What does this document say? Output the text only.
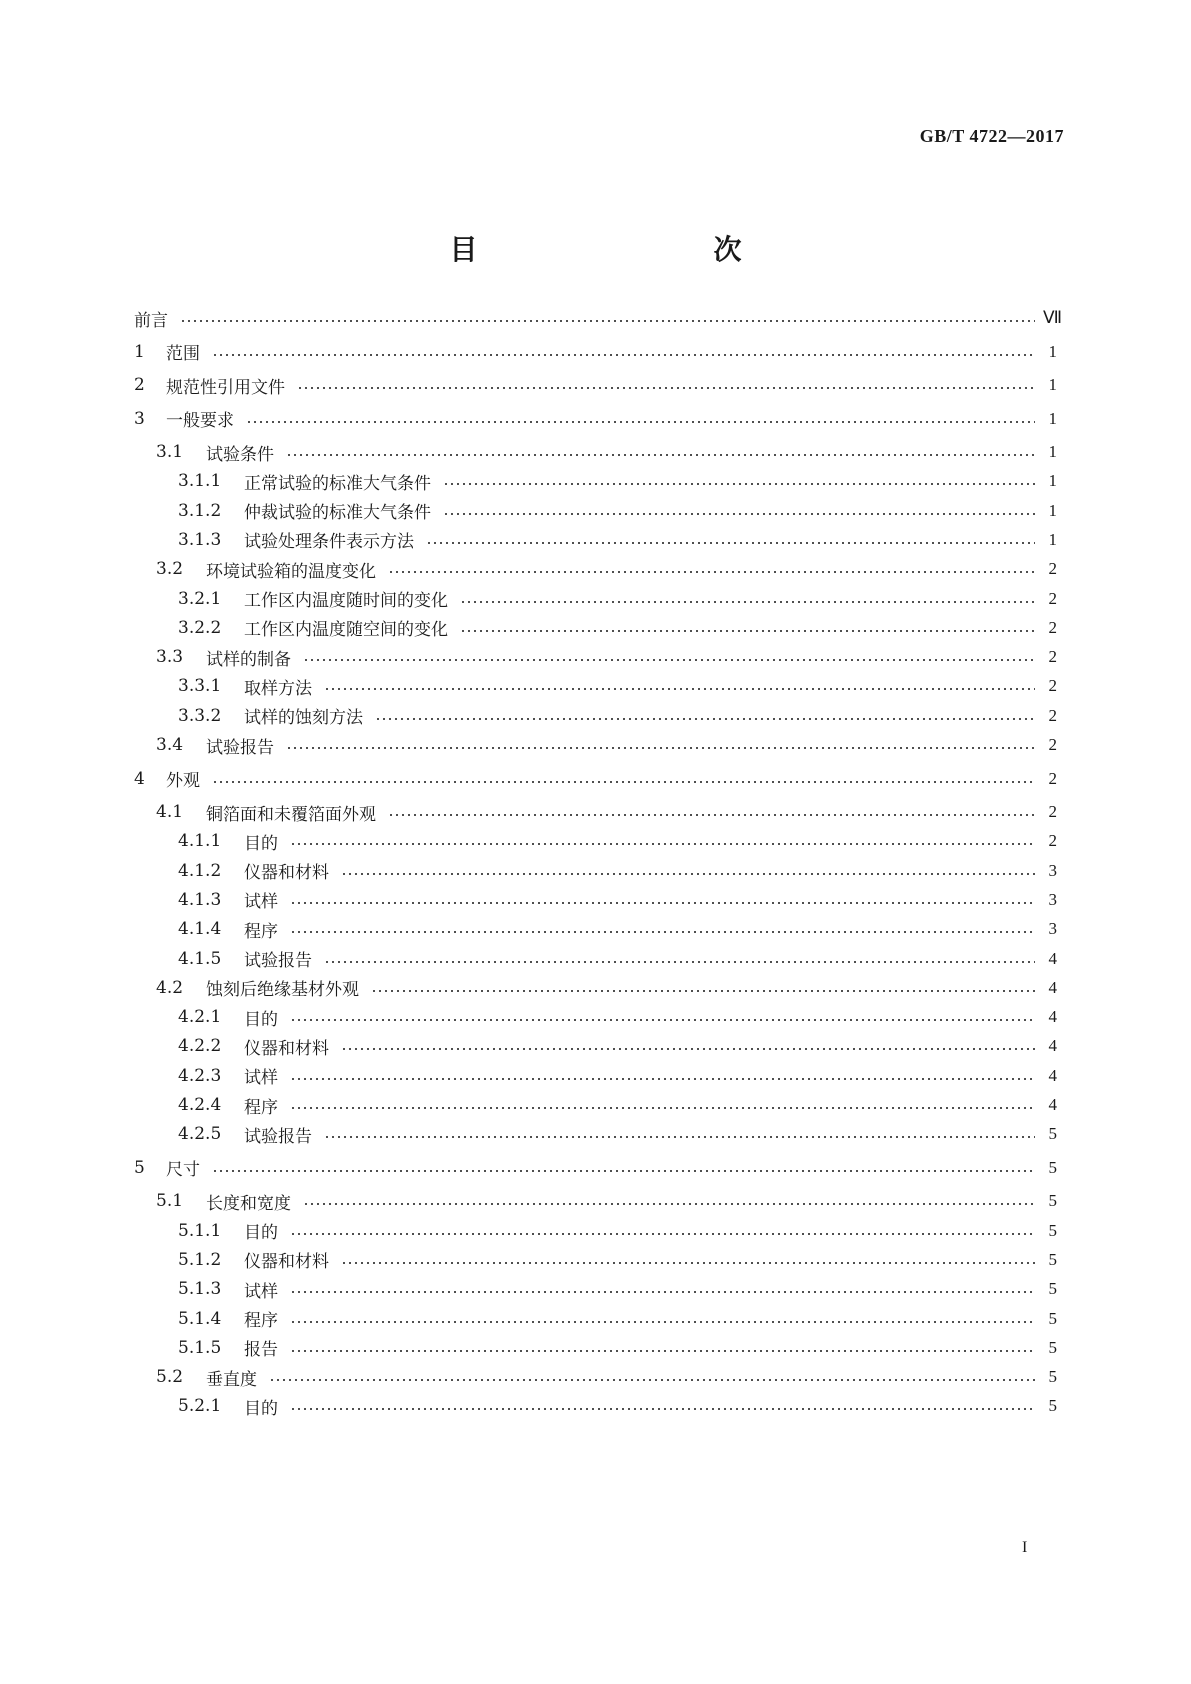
GB/T 4722—2017
目　　次
前言	Ⅶ
1	范围	1
2	规范性引用文件	1
3	一般要求	1
3.1	试验条件	1
3.1.1	正常试验的标准大气条件	1
3.1.2	仲裁试验的标准大气条件	1
3.1.3	试验处理条件表示方法	1
3.2	环境试验箱的温度变化	2
3.2.1	工作区内温度随时间的变化	2
3.2.2	工作区内温度随空间的变化	2
3.3	试样的制备	2
3.3.1	取样方法	2
3.3.2	试样的蚀刻方法	2
3.4	试验报告	2
4	外观	2
4.1	铜箔面和未覆箔面外观	2
4.1.1	目的	2
4.1.2	仪器和材料	3
4.1.3	试样	3
4.1.4	程序	3
4.1.5	试验报告	4
4.2	蚀刻后绝缘基材外观	4
4.2.1	目的	4
4.2.2	仪器和材料	4
4.2.3	试样	4
4.2.4	程序	4
4.2.5	试验报告	5
5	尺寸	5
5.1	长度和宽度	5
5.1.1	目的	5
5.1.2	仪器和材料	5
5.1.3	试样	5
5.1.4	程序	5
5.1.5	报告	5
5.2	垂直度	5
5.2.1	目的	5
I
